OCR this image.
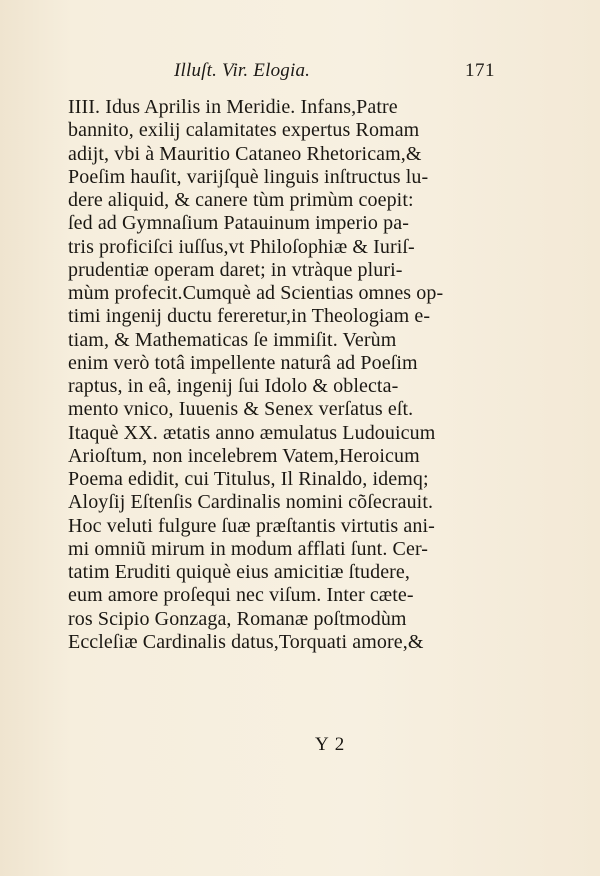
Illuſt. Vir. Elogia.	171
IIII. Idus Aprilis in Meridie. Infans,Patre
bannito, exilij calamitates expertus Romam
adijt, vbi à Mauritio Cataneo Rhetoricam,&
Poeſim hauſit, varijſquè linguis inſtructus lu-
dere aliquid, & canere tùm primùm coepit:
ſed ad Gymnaſium Patauinum imperio pa-
tris proficiſci iuſſus,vt Philoſophiæ & Iuriſ-
prudentiæ operam daret; in vtràque pluri-
mùm profecit.Cumquè ad Scientias omnes op-
timi ingenij ductu fereretur,in Theologiam e-
tiam, & Mathematicas ſe immiſit. Verùm
enim verò totâ impellente naturâ ad Poeſim
raptus, in eâ, ingenij ſui Idolo & oblecta-
mento vnico, Iuuenis & Senex verſatus eſt.
Itaquè XX. ætatis anno æmulatus Ludouicum
Arioſtum, non incelebrem Vatem,Heroicum
Poema edidit, cui Titulus, Il Rinaldo, idemq;
Aloyſij Eſtenſis Cardinalis nomini cõſecrauit.
Hoc veluti fulgure ſuæ præſtantis virtutis ani-
mi omniũ mirum in modum afflati ſunt. Cer-
tatim Eruditi quiquè eius amicitiæ ſtudere,
eum amore proſequi nec viſum. Inter cæte-
ros Scipio Gonzaga, Romanæ poſtmodùm
Eccleſiæ Cardinalis datus,Torquati amore,&
Y 2
